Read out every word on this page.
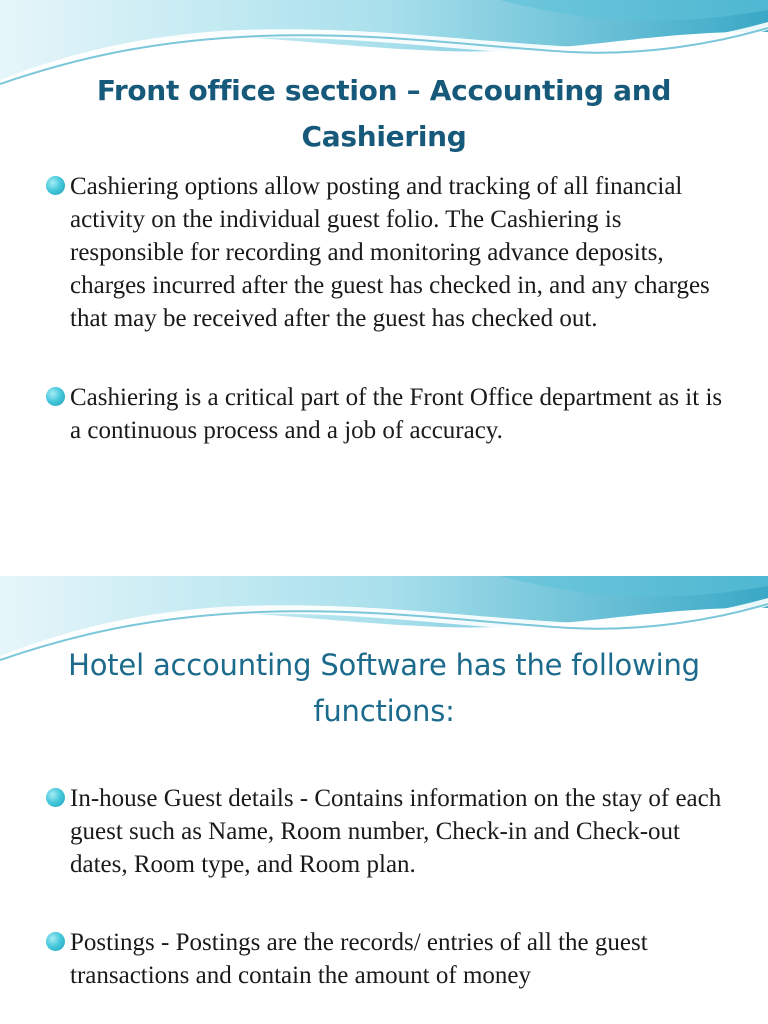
Front office section – Accounting and Cashiering
Cashiering options allow posting and tracking of all financial activity on the individual guest folio. The Cashiering is responsible for recording and monitoring advance deposits, charges incurred after the guest has checked in, and any charges that may be received after the guest has checked out.
Cashiering is a critical part of the Front Office department as it is a continuous process and a job of accuracy.
Hotel accounting Software has the following functions:
In-house Guest details - Contains information on the stay of each guest such as Name, Room number, Check-in and Check-out dates, Room type, and Room plan.
Postings - Postings are the records/ entries of all the guest transactions and contain the amount of money
